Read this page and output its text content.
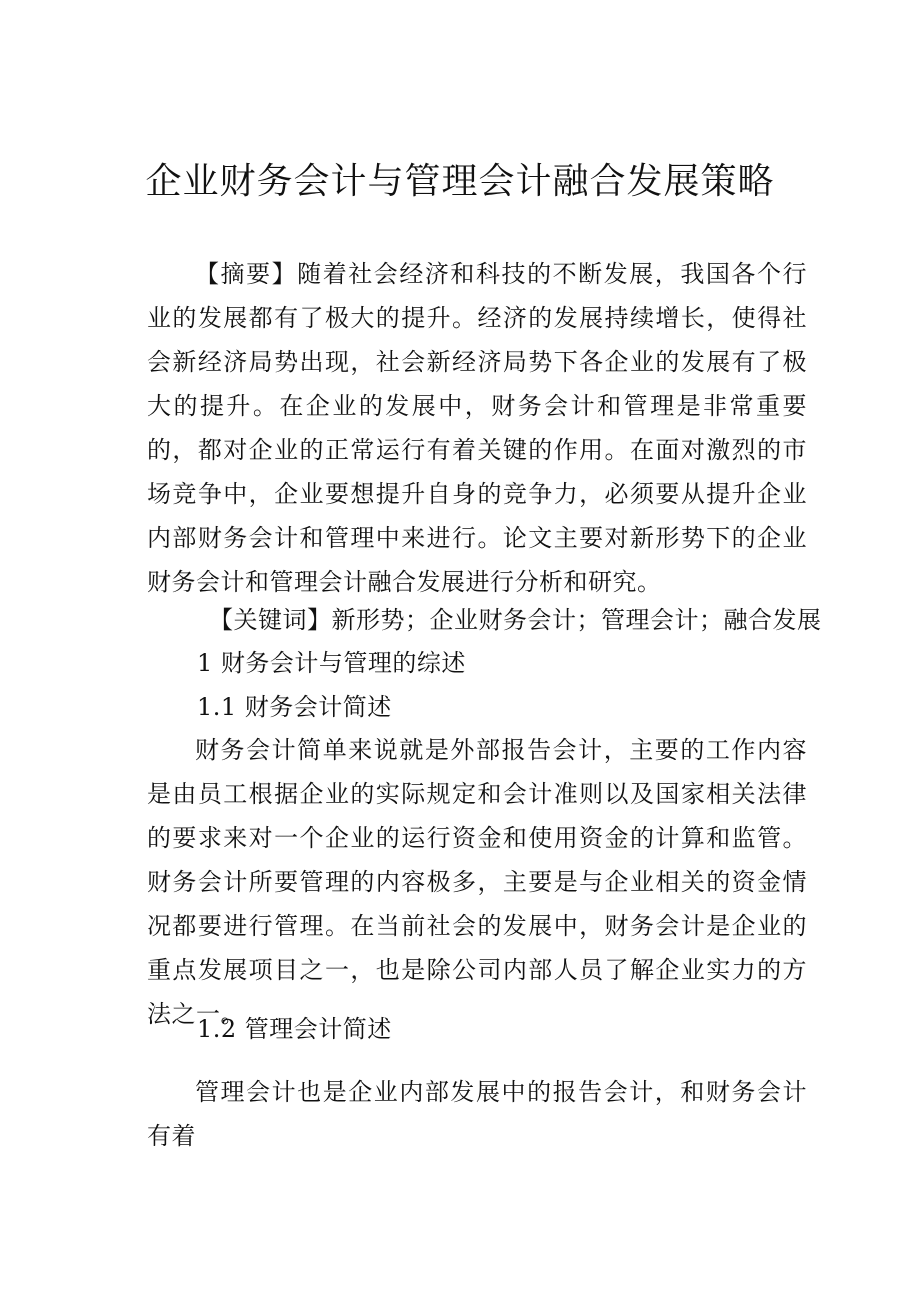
企业财务会计与管理会计融合发展策略

【摘要】随着社会经济和科技的不断发展，我国各个行业的发展都有了极大的提升。经济的发展持续增长，使得社会新经济局势出现，社会新经济局势下各企业的发展有了极大的提升。在企业的发展中，财务会计和管理是非常重要的，都对企业的正常运行有着关键的作用。在面对激烈的市场竞争中，企业要想提升自身的竞争力，必须要从提升企业内部财务会计和管理中来进行。论文主要对新形势下的企业财务会计和管理会计融合发展进行分析和研究。

【关键词】新形势；企业财务会计；管理会计；融合发展

1 财务会计与管理的综述

1.1 财务会计简述

财务会计简单来说就是外部报告会计，主要的工作内容是由员工根据企业的实际规定和会计准则以及国家相关法律的要求来对一个企业的运行资金和使用资金的计算和监管。财务会计所要管理的内容极多，主要是与企业相关的资金情况都要进行管理。在当前社会的发展中，财务会计是企业的重点发展项目之一，也是除公司内部人员了解企业实力的方法之一。

1.2 管理会计简述

管理会计也是企业内部发展中的报告会计，和财务会计有着
